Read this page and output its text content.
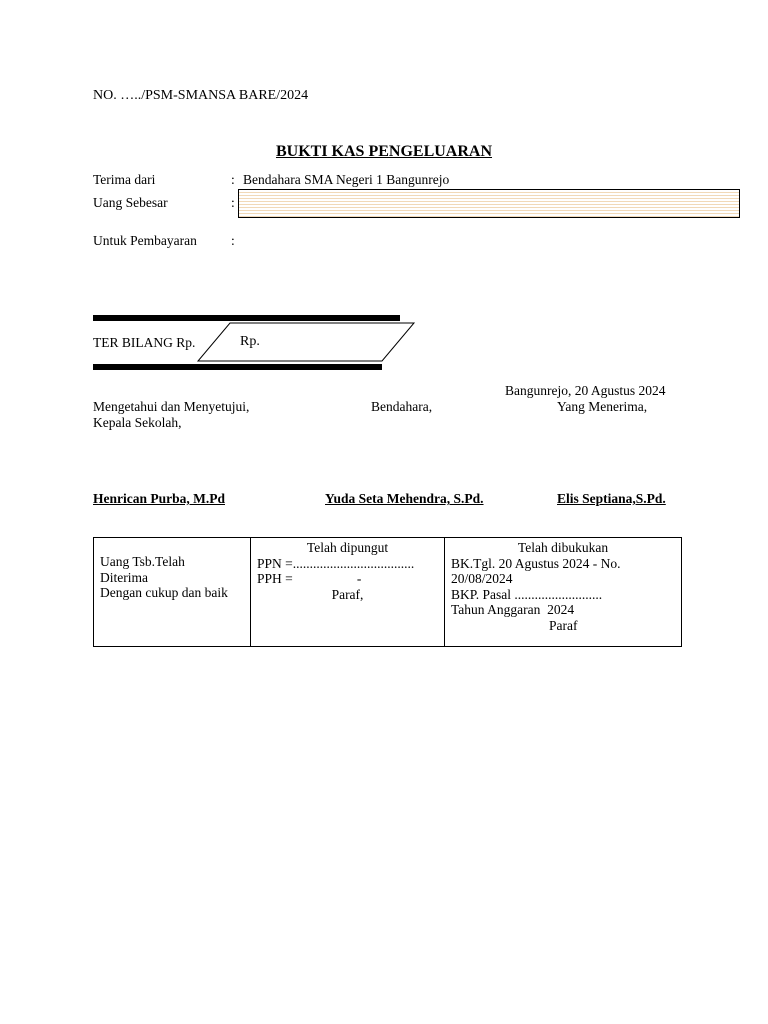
NO. …../PSM-SMANSA BARE/2024
BUKTI KAS PENGELUARAN
Terima dari	: Bendahara SMA Negeri 1 Bangunrejo
Uang Sebesar	:
Untuk Pembayaran	:
TER BILANG Rp.	Rp.
Bangunrejo, 20 Agustus 2024
Mengetahui dan Menyetujui,
Kepala Sekolah,
Bendahara,	Yang Menerima,
Henrican Purba, M.Pd	Yuda Seta Mehendra, S.Pd.	Elis Septiana,S.Pd.
Uang Tsb.Telah
Diterima
Dengan cukup dan baik

Telah dipungut
PPN =....................................
PPH =                   -
Paraf,

Telah dibukukan
BK.Tgl. 20 Agustus 2024 - No.
20/08/2024
BKP. Pasal ..........................
Tahun Anggaran  2024
Paraf
